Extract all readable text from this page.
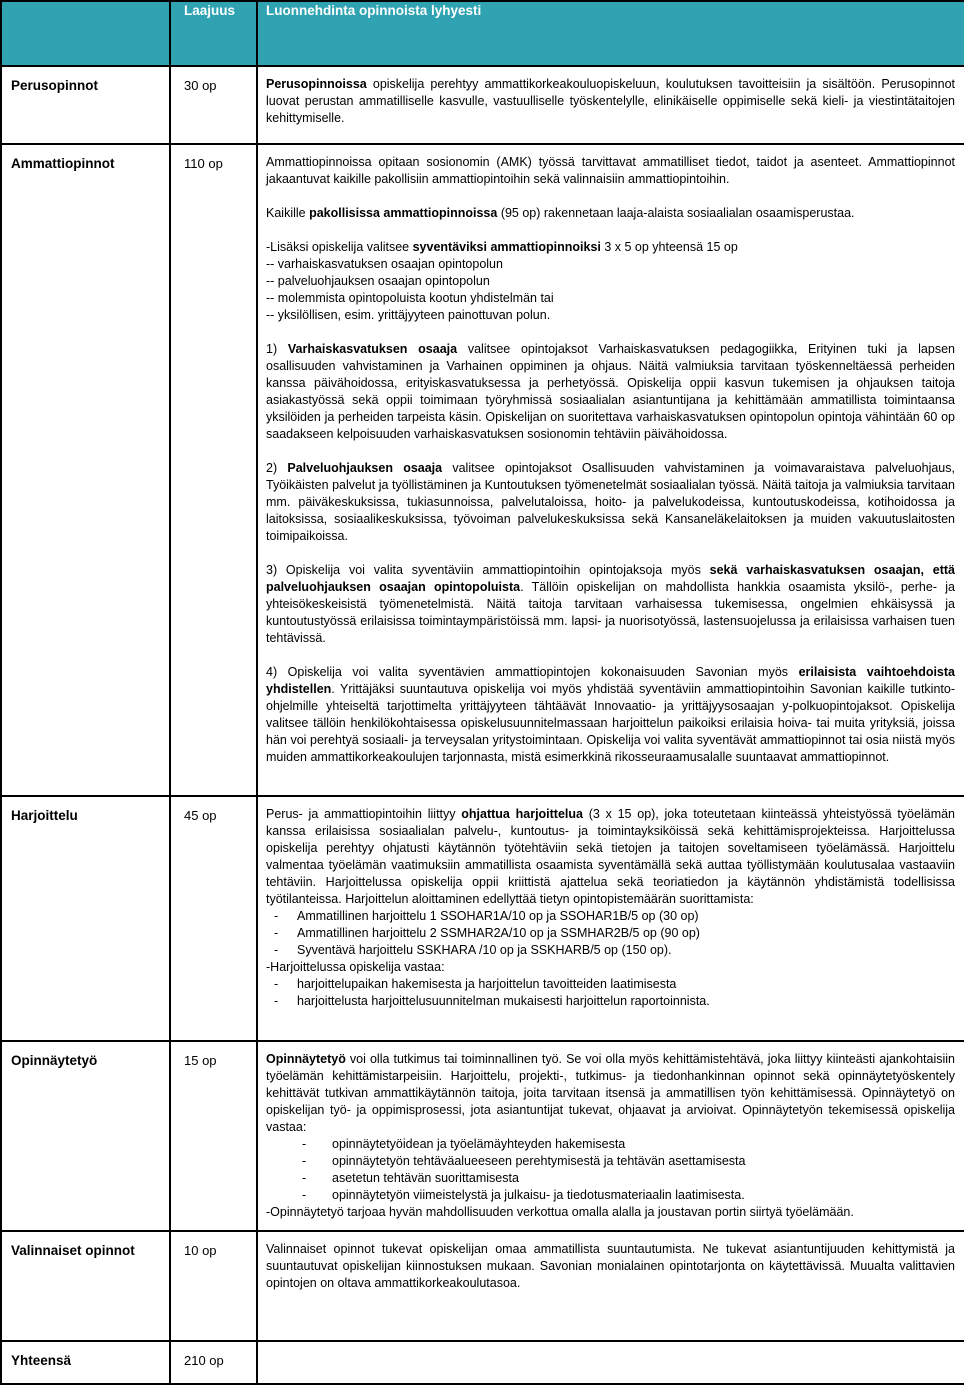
	Laajuus	Luonnehdinta opinnoista lyhyesti
Perusopinnot	30 op	Perusopinnoissa opiskelija perehtyy ammattikorkeakouluopiskeluun, koulutuksen tavoitteisiin ja sisältöön. Perusopinnot luovat perustan ammatilliselle kasvulle, vastuulliselle työskentelylle, elinikäiselle oppimiselle sekä kieli- ja viestintätaitojen kehittymiselle.

Ammattiopinnot	110 op	Ammattiopinnoissa opitaan sosionomin (AMK) työssä tarvittavat ammatilliset tiedot, taidot ja asenteet. Ammattiopinnot jakaantuvat kaikille pakollisiin ammattiopintoihin sekä valinnaisiin ammattiopintoihin.
Kaikille pakollisissa ammattiopinnoissa (95 op) rakennetaan laaja-alaista sosiaalialan osaamisperustaa.
-Lisäksi opiskelija valitsee syventäviksi ammattiopinnoiksi 3 x 5 op yhteensä 15 op
-- varhaiskasvatuksen osaajan opintopolun
-- palveluohjauksen osaajan opintopolun
-- molemmista opintopoluista kootun yhdistelmän tai
-- yksilöllisen, esim. yrittäjyyteen painottuvan polun.
1) Varhaiskasvatuksen osaaja valitsee opintojaksot Varhaiskasvatuksen pedagogiikka, Erityinen tuki ja lapsen osallisuuden vahvistaminen ja Varhainen oppiminen ja ohjaus. Näitä valmiuksia tarvitaan työskenneltäessä perheiden kanssa päivähoidossa, erityiskasvatuksessa ja perhetyössä. Opiskelija oppii kasvun tukemisen ja ohjauksen taitoja asiakastyössä sekä oppii toimimaan työryhmissä sosiaalialan asiantuntijana ja kehittämään ammatillista toimintaansa yksilöiden ja perheiden tarpeista käsin. Opiskelijan on suoritettava varhaiskasvatuksen opintopolun opintoja vähintään 60 op saadakseen kelpoisuuden varhaiskasvatuksen sosionomin tehtäviin päivähoidossa.
2) Palveluohjauksen osaaja valitsee opintojaksot Osallisuuden vahvistaminen ja voimavaraistava palveluohjaus, Työikäisten palvelut ja työllistäminen ja Kuntoutuksen työmenetelmät sosiaalialan työssä. Näitä taitoja ja valmiuksia tarvitaan mm. päiväkeskuksissa, tukiasunnoissa, palvelutaloissa, hoito- ja palvelukodeissa, kuntoutuskodeissa, kotihoidossa ja laitoksissa, sosiaalikeskuksissa, työvoiman palvelukeskuksissa sekä Kansaneläkelaitoksen ja muiden vakuutuslaitosten toimipaikoissa.
3) Opiskelija voi valita syventäviin ammattiopintoihin opintojaksoja myös sekä varhaiskasvatuksen osaajan, että palveluohjauksen osaajan opintopoluista. Tällöin opiskelijan on mahdollista hankkia osaamista yksilö-, perhe- ja yhteisökeskeisistä työmenetelmistä. Näitä taitoja tarvitaan varhaisessa tukemisessa, ongelmien ehkäisyssä ja kuntoutustyössä erilaisissa toimintaympäristöissä mm. lapsi- ja nuorisotyössä, lastensuojelussa ja erilaisissa varhaisen tuen tehtävissä.
4) Opiskelija voi valita syventävien ammattiopintojen kokonaisuuden Savonian myös erilaisista vaihtoehdoista yhdistellen. Yrittäjäksi suuntautuva opiskelija voi myös yhdistää syventäviin ammattiopintoihin Savonian kaikille tutkinto-ohjelmille yhteiseltä tarjottimelta yrittäjyyteen tähtäävät Innovaatio- ja yrittäjyysosaajan y-polkuopintojaksot. Opiskelija valitsee tällöin henkilökohtaisessa opiskelusuunnitelmassaan harjoittelun paikoiksi erilaisia hoiva- tai muita yrityksiä, joissa hän voi perehtyä sosiaali- ja terveysalan yritystoimintaan. Opiskelija voi valita syventävät ammattiopinnot tai osia niistä myös muiden ammattikorkeakoulujen tarjonnasta, mistä esimerkkinä rikosseuraamusalalle suuntaavat ammattiopinnot.

Harjoittelu	45 op	Perus- ja ammattiopintoihin liittyy ohjattua harjoittelua (3 x 15 op), joka toteutetaan kiinteässä yhteistyössä työelämän kanssa erilaisissa sosiaalialan palvelu-, kuntoutus- ja toimintayksiköissä sekä kehittämisprojekteissa. Harjoittelussa opiskelija perehtyy ohjatusti käytännön työtehtäviin sekä tietojen ja taitojen soveltamiseen työelämässä. Harjoittelu valmentaa työelämän vaatimuksiin ammatillista osaamista syventämällä sekä auttaa työllistymään koulutusalaa vastaaviin tehtäviin. Harjoittelussa opiskelija oppii kriittistä ajattelua sekä teoriatiedon ja käytännön yhdistämistä todellisissa työtilanteissa. Harjoittelun aloittaminen edellyttää tietyn opintopistemäärän suorittamista:
- Ammatillinen harjoittelu 1 SSOHAR1A/10 op ja SSOHAR1B/5 op (30 op)
- Ammatillinen harjoittelu 2 SSMHAR2A/10 op ja SSMHAR2B/5 op (90 op)
- Syventävä harjoittelu SSKHARA /10 op ja SSKHARB/5 op (150 op).
-Harjoittelussa opiskelija vastaa:
- harjoittelupaikan hakemisesta ja harjoittelun tavoitteiden laatimisesta
- harjoittelusta harjoittelusuunnitelman mukaisesti harjoittelun raportoinnista.

Opinnäytetyö	15 op	Opinnäytetyö voi olla tutkimus tai toiminnallinen työ. Se voi olla myös kehittämistehtävä, joka liittyy kiinteästi ajankohtaisiin työelämän kehittämistarpeisiin. Harjoittelu, projekti-, tutkimus- ja tiedonhankinnan opinnot sekä opinnäytetyöskentely kehittävät tutkivan ammattikäytännön taitoja, joita tarvitaan itsensä ja ammatillisen työn kehittämisessä. Opinnäytetyö on opiskelijan työ- ja oppimisprosessi, jota asiantuntijat tukevat, ohjaavat ja arvioivat. Opinnäytetyön tekemisessä opiskelija vastaa:
- opinnäytetyöidean ja työelämäyhteyden hakemisesta
- opinnäytetyön tehtäväalueeseen perehtymisestä ja tehtävän asettamisesta
- asetetun tehtävän suorittamisesta
- opinnäytetyön viimeistelystä ja julkaisu- ja tiedotusmateriaalin laatimisesta.
-Opinnäytetyö tarjoaa hyvän mahdollisuuden verkottua omalla alalla ja joustavan portin siirtyä työelämään.

Valinnaiset opinnot	10 op	Valinnaiset opinnot tukevat opiskelijan omaa ammatillista suuntautumista. Ne tukevat asiantuntijuuden kehittymistä ja suuntautuvat opiskelijan kiinnostuksen mukaan. Savonian monialainen opintotarjonta on käytettävissä. Muualta valittavien opintojen on oltava ammattikorkeakoulutasoa.

Yhteensä	210 op	
